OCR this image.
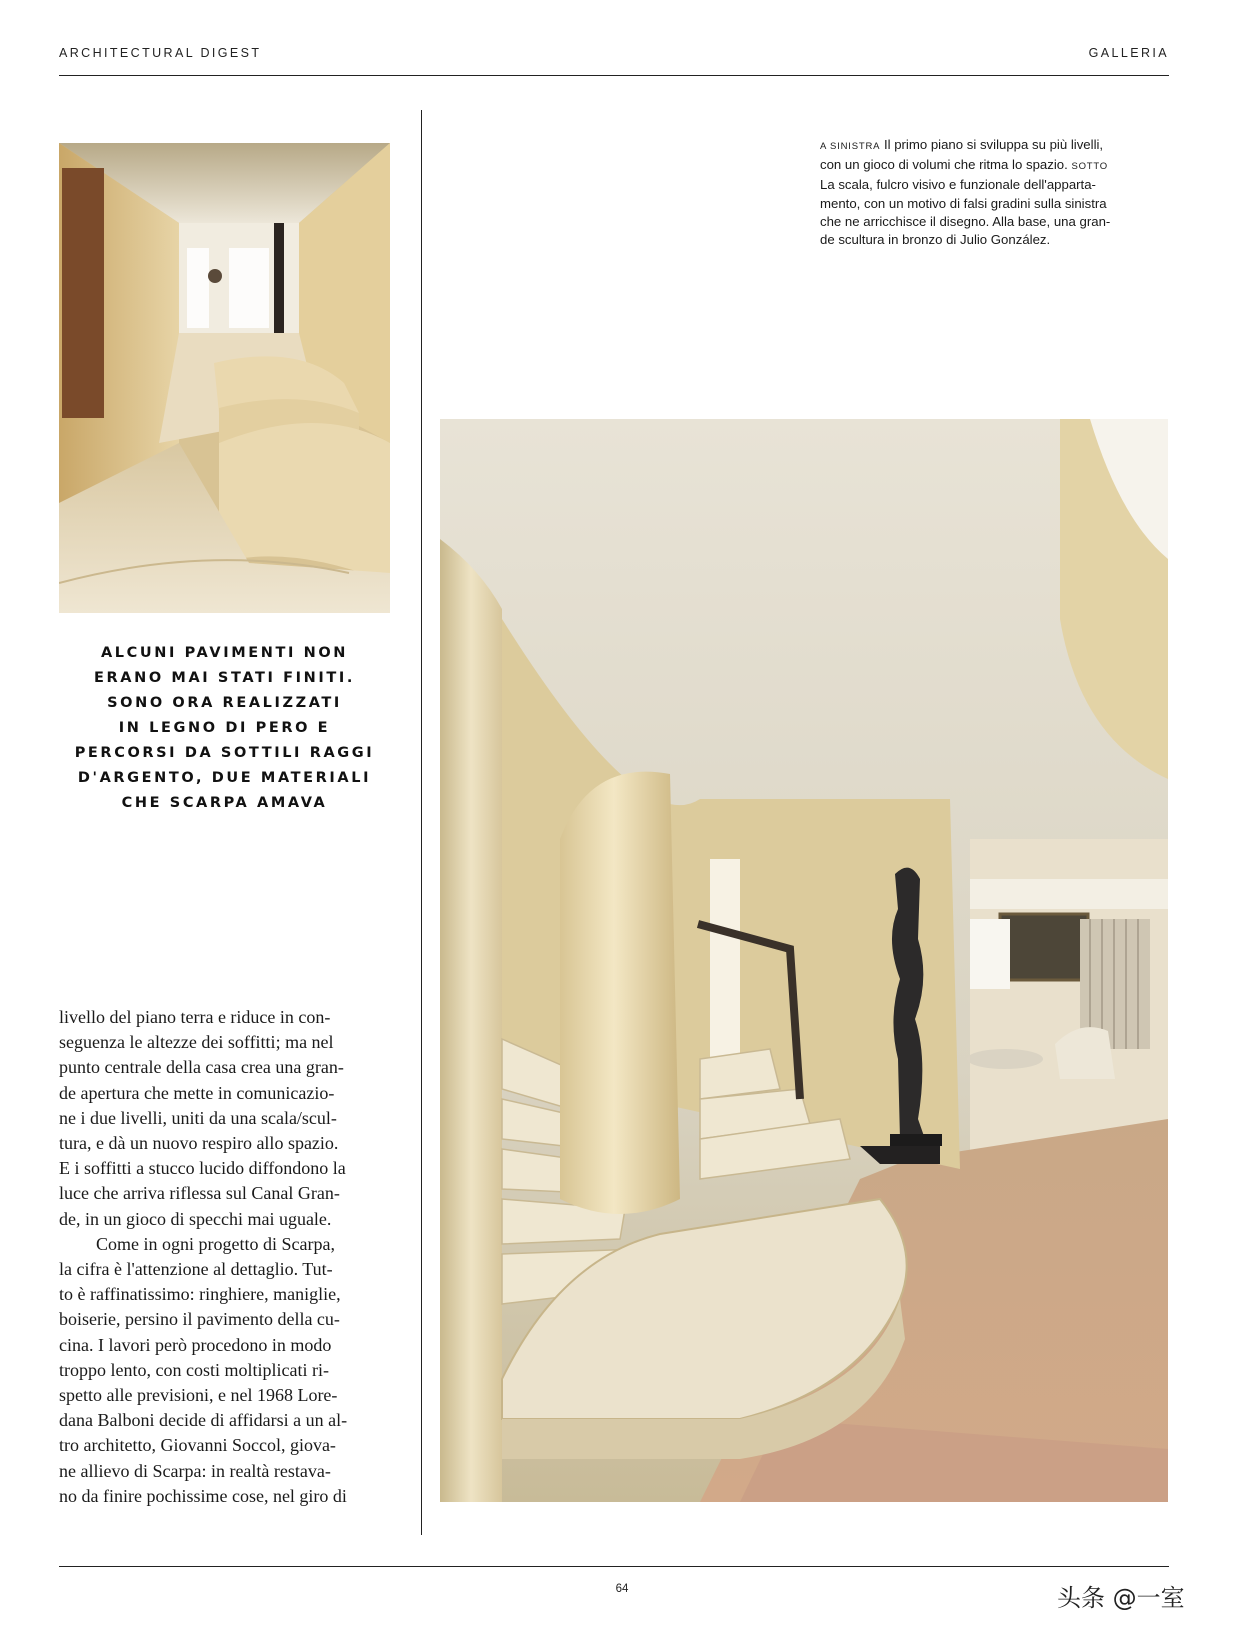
ARCHITECTURAL DIGEST	GALLERIA
ALCUNI PAVIMENTI NON
ERANO MAI STATI FINITI.
SONO ORA REALIZZATI
IN LEGNO DI PERO E
PERCORSI DA SOTTILI RAGGI
D'ARGENTO, DUE MATERIALI
CHE SCARPA AMAVA
A SINISTRA Il primo piano si sviluppa su più livelli,
con un gioco di volumi che ritma lo spazio. SOTTO
La scala, fulcro visivo e funzionale dell'apparta-
mento, con un motivo di falsi gradini sulla sinistra
che ne arricchisce il disegno. Alla base, una gran-
de scultura in bronzo di Julio González.
livello del piano terra e riduce in con-
seguenza le altezze dei soffitti; ma nel
punto centrale della casa crea una gran-
de apertura che mette in comunicazio-
ne i due livelli, uniti da una scala/scul-
tura, e dà un nuovo respiro allo spazio.
E i soffitti a stucco lucido diffondono la
luce che arriva riflessa sul Canal Gran-
de, in un gioco di specchi mai uguale.
Come in ogni progetto di Scarpa,
la cifra è l'attenzione al dettaglio. Tut-
to è raffinatissimo: ringhiere, maniglie,
boiserie, persino il pavimento della cu-
cina. I lavori però procedono in modo
troppo lento, con costi moltiplicati ri-
spetto alle previsioni, e nel 1968 Lore-
dana Balboni decide di affidarsi a un al-
tro architetto, Giovanni Soccol, giova-
ne allievo di Scarpa: in realtà restava-
no da finire pochissime cose, nel giro di
64	头条 @一室
